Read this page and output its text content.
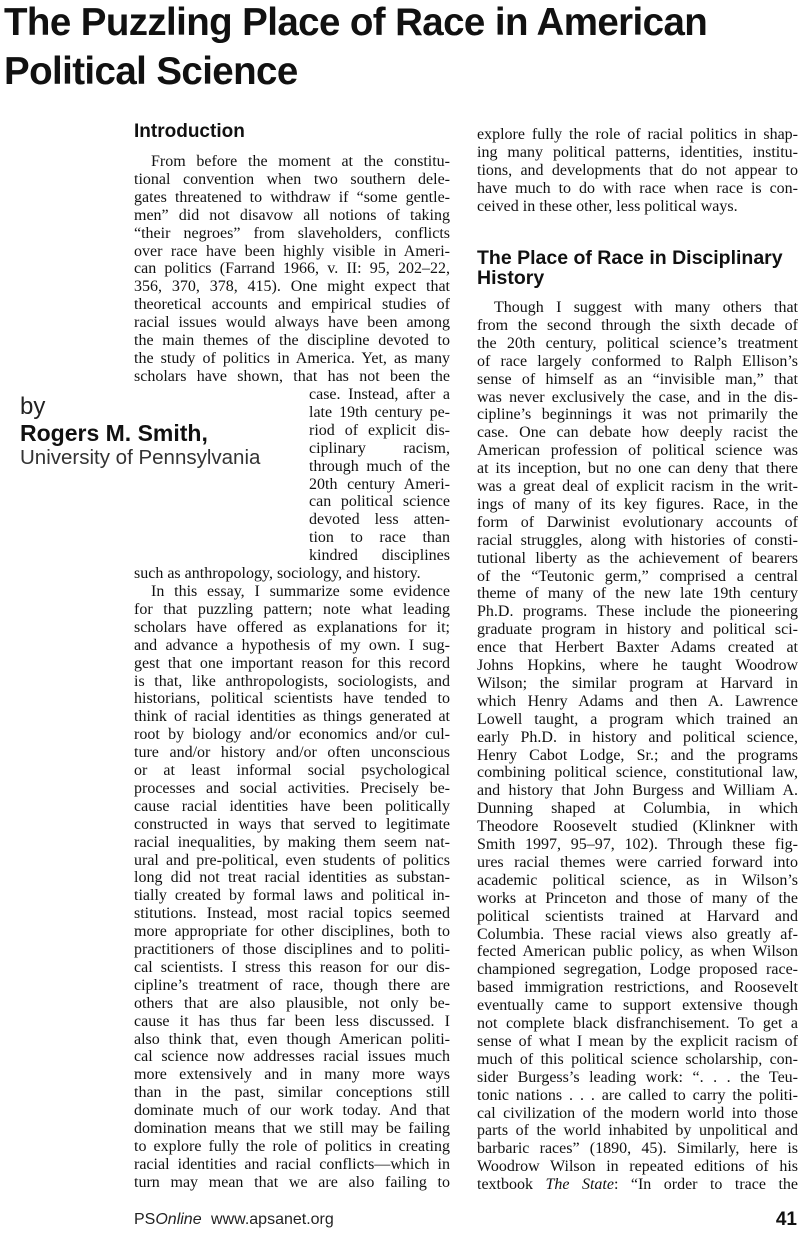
The Puzzling Place of Race in American
Political Science
Introduction
by
Rogers M. Smith,
University of Pennsylvania
The Place of Race in Disciplinary
History
From before the moment at the constitu-
tional convention when two southern dele-
gates threatened to withdraw if “some gentle-
men” did not disavow all notions of taking
“their negroes” from slaveholders, conflicts
over race have been highly visible in Ameri-
can politics (Farrand 1966, v. II: 95, 202–22,
356, 370, 378, 415). One might expect that
theoretical accounts and empirical studies of
racial issues would always have been among
the main themes of the discipline devoted to
the study of politics in America. Yet, as many
scholars have shown, that has not been the
case. Instead, after a
late 19th century pe-
riod of explicit dis-
ciplinary racism,
through much of the
20th century Ameri-
can political science
devoted less atten-
tion to race than
kindred disciplines
such as anthropology, sociology, and history.
In this essay, I summarize some evidence
for that puzzling pattern; note what leading
scholars have offered as explanations for it;
and advance a hypothesis of my own. I sug-
gest that one important reason for this record
is that, like anthropologists, sociologists, and
historians, political scientists have tended to
think of racial identities as things generated at
root by biology and/or economics and/or cul-
ture and/or history and/or often unconscious
or at least informal social psychological
processes and social activities. Precisely be-
cause racial identities have been politically
constructed in ways that served to legitimate
racial inequalities, by making them seem nat-
ural and pre-political, even students of politics
long did not treat racial identities as substan-
tially created by formal laws and political in-
stitutions. Instead, most racial topics seemed
more appropriate for other disciplines, both to
practitioners of those disciplines and to politi-
cal scientists. I stress this reason for our dis-
cipline’s treatment of race, though there are
others that are also plausible, not only be-
cause it has thus far been less discussed. I
also think that, even though American politi-
cal science now addresses racial issues much
more extensively and in many more ways
than in the past, similar conceptions still
dominate much of our work today. And that
domination means that we still may be failing
to explore fully the role of politics in creating
racial identities and racial conflicts—which in
turn may mean that we are also failing to
explore fully the role of racial politics in shap-
ing many political patterns, identities, institu-
tions, and developments that do not appear to
have much to do with race when race is con-
ceived in these other, less political ways.
Though I suggest with many others that
from the second through the sixth decade of
the 20th century, political science’s treatment
of race largely conformed to Ralph Ellison’s
sense of himself as an “invisible man,” that
was never exclusively the case, and in the dis-
cipline’s beginnings it was not primarily the
case. One can debate how deeply racist the
American profession of political science was
at its inception, but no one can deny that there
was a great deal of explicit racism in the writ-
ings of many of its key figures. Race, in the
form of Darwinist evolutionary accounts of
racial struggles, along with histories of consti-
tutional liberty as the achievement of bearers
of the “Teutonic germ,” comprised a central
theme of many of the new late 19th century
Ph.D. programs. These include the pioneering
graduate program in history and political sci-
ence that Herbert Baxter Adams created at
Johns Hopkins, where he taught Woodrow
Wilson; the similar program at Harvard in
which Henry Adams and then A. Lawrence
Lowell taught, a program which trained an
early Ph.D. in history and political science,
Henry Cabot Lodge, Sr.; and the programs
combining political science, constitutional law,
and history that John Burgess and William A.
Dunning shaped at Columbia, in which
Theodore Roosevelt studied (Klinkner with
Smith 1997, 95–97, 102). Through these fig-
ures racial themes were carried forward into
academic political science, as in Wilson’s
works at Princeton and those of many of the
political scientists trained at Harvard and
Columbia. These racial views also greatly af-
fected American public policy, as when Wilson
championed segregation, Lodge proposed race-
based immigration restrictions, and Roosevelt
eventually came to support extensive though
not complete black disfranchisement. To get a
sense of what I mean by the explicit racism of
much of this political science scholarship, con-
sider Burgess’s leading work: “. . . the Teu-
tonic nations . . . are called to carry the politi-
cal civilization of the modern world into those
parts of the world inhabited by unpolitical and
barbaric races” (1890, 45). Similarly, here is
Woodrow Wilson in repeated editions of his
textbook The State: “In order to trace the
PSOnline www.apsanet.org	41
